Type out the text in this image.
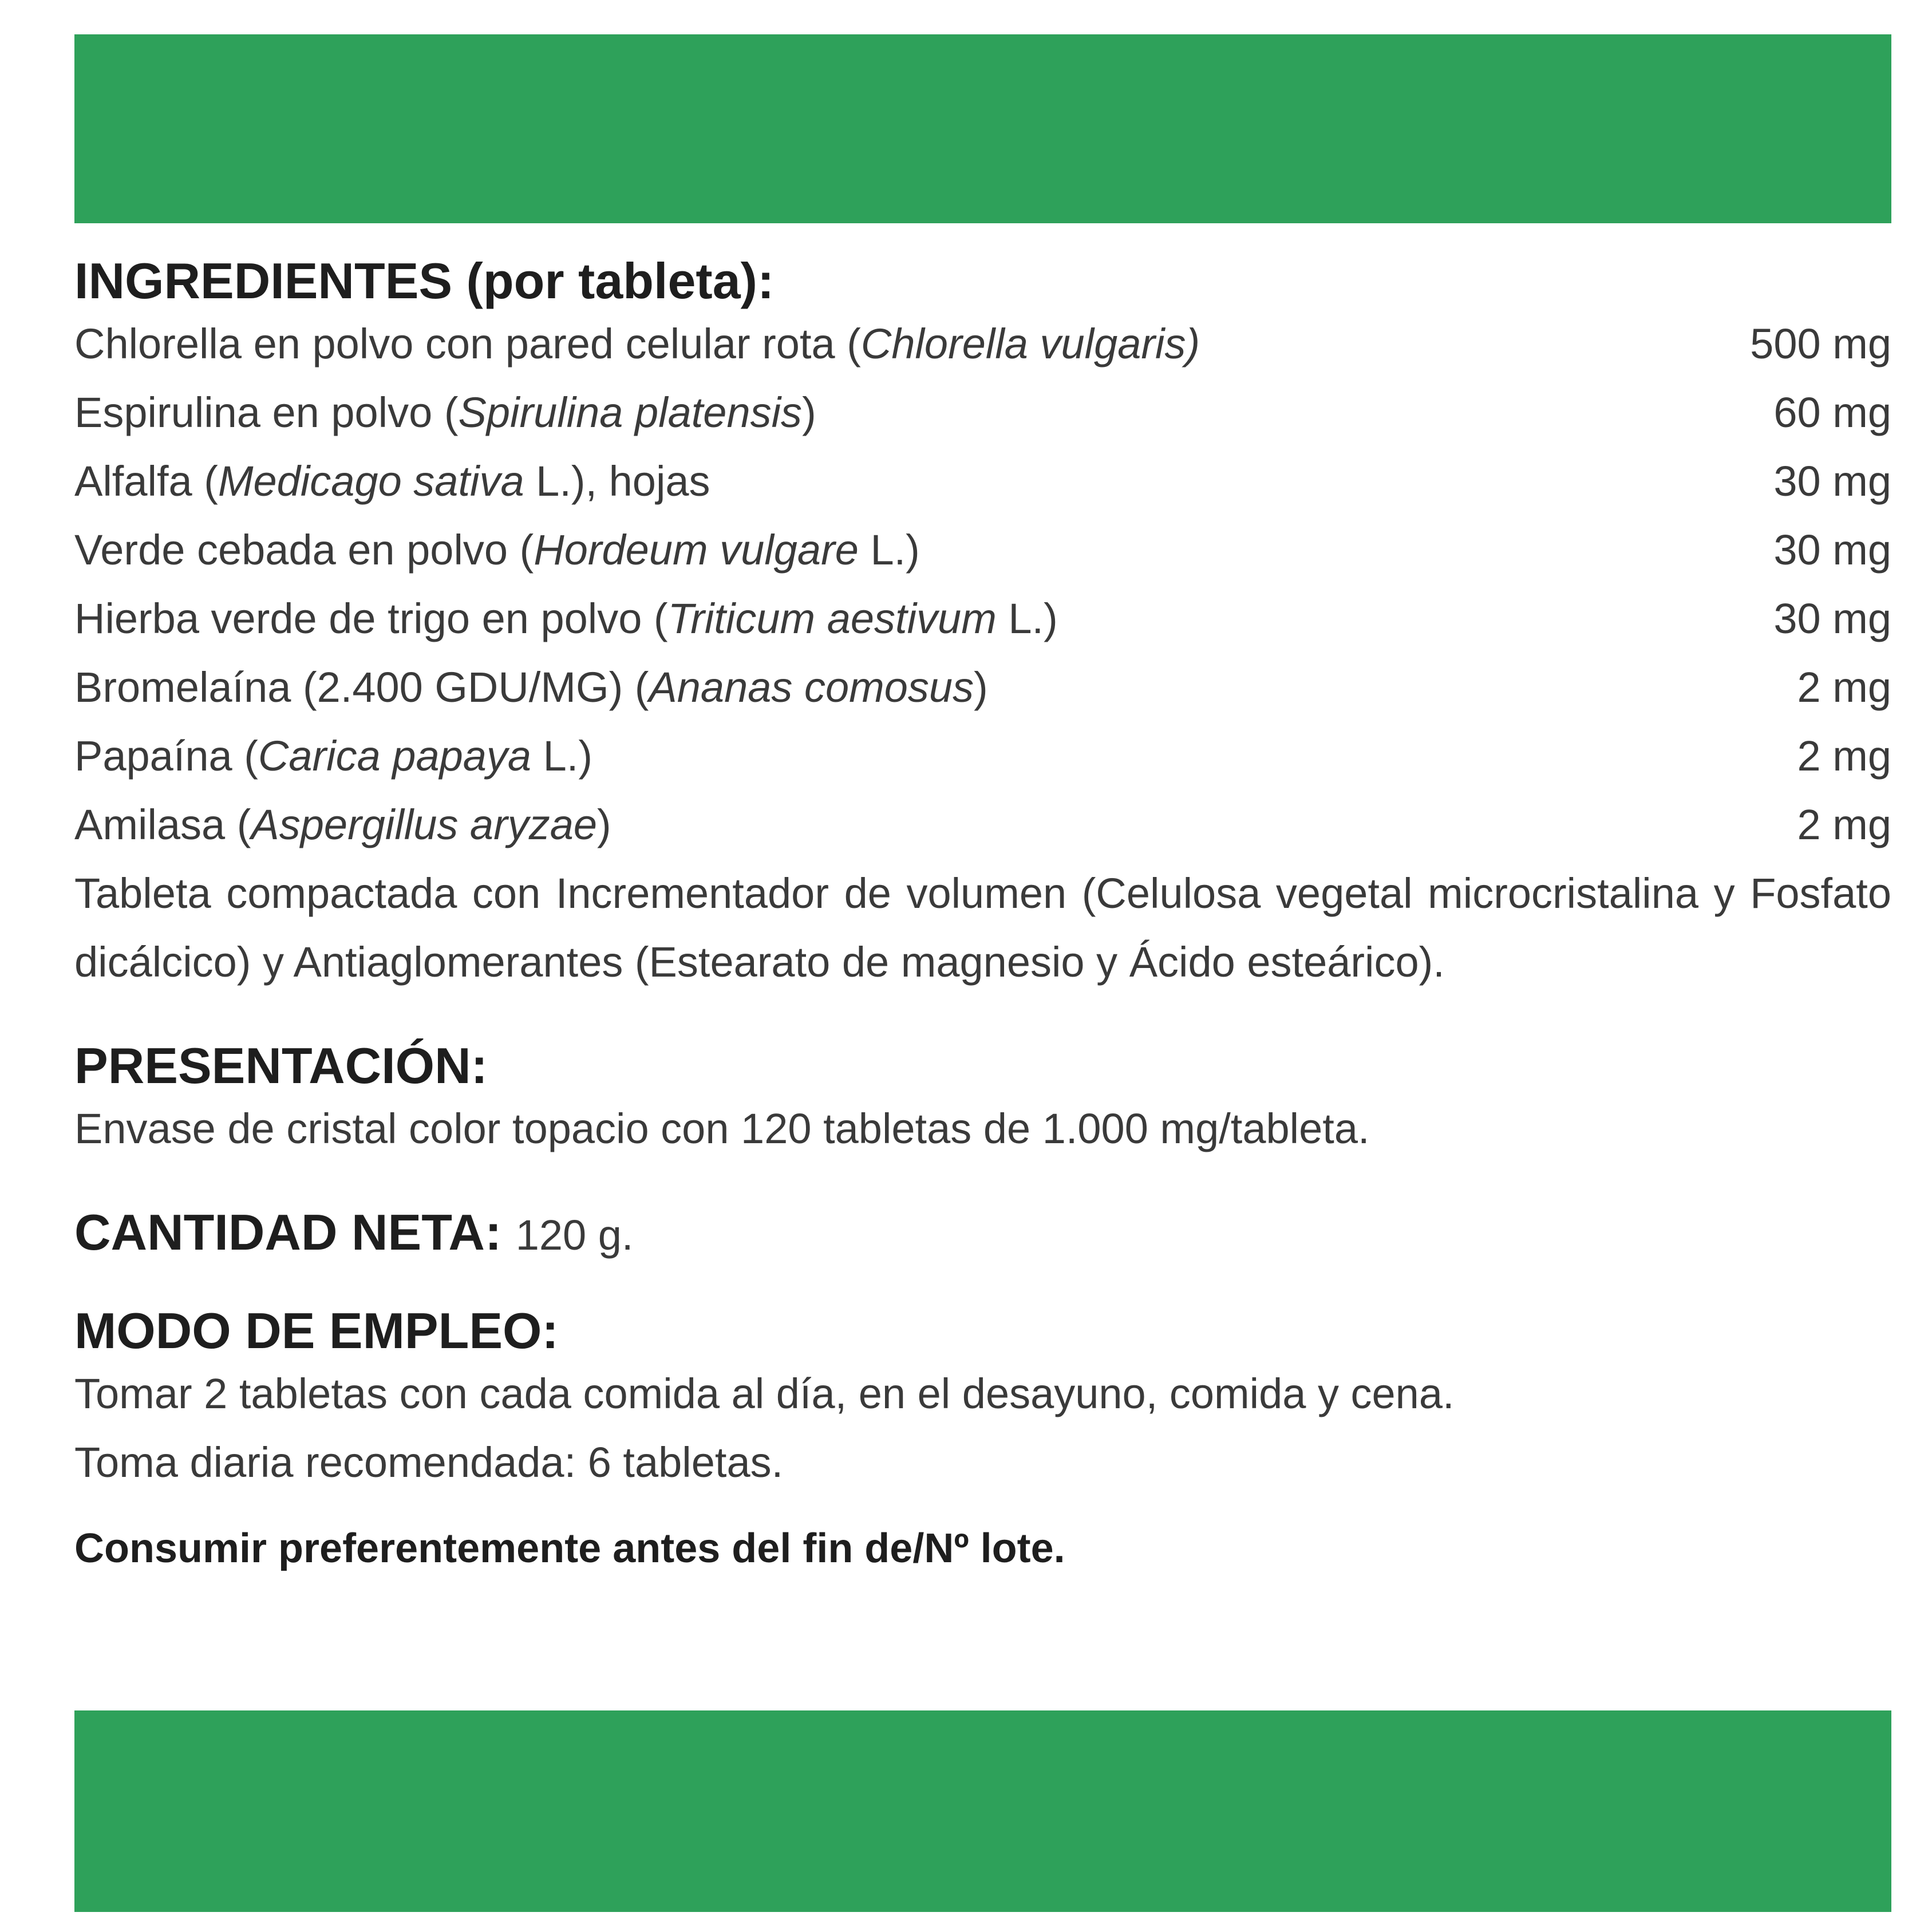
INGREDIENTES (por tableta):
Chlorella en polvo con pared celular rota (Chlorella vulgaris)	500 mg
Espirulina en polvo (Spirulina platensis)	60 mg
Alfalfa (Medicago sativa L.), hojas	30 mg
Verde cebada en polvo (Hordeum vulgare L.)	30 mg
Hierba verde de trigo en polvo (Triticum aestivum L.)	30 mg
Bromelaína (2.400 GDU/MG) (Ananas comosus)	2 mg
Papaína (Carica papaya L.)	2 mg
Amilasa (Aspergillus aryzae)	2 mg

Tableta compactada con Incrementador de volumen (Celulosa vegetal microcristalina y Fosfato dicálcico) y Antiaglomerantes (Estearato de magnesio y Ácido esteárico).

PRESENTACIÓN:

Envase de cristal color topacio con 120 tabletas de 1.000 mg/tableta.

CANTIDAD NETA: 120 g.
MODO DE EMPLEO:

Tomar 2 tabletas con cada comida al día, en el desayuno, comida y cena.

Toma diaria recomendada: 6 tabletas.

Consumir preferentemente antes del fin de/Nº lote.
